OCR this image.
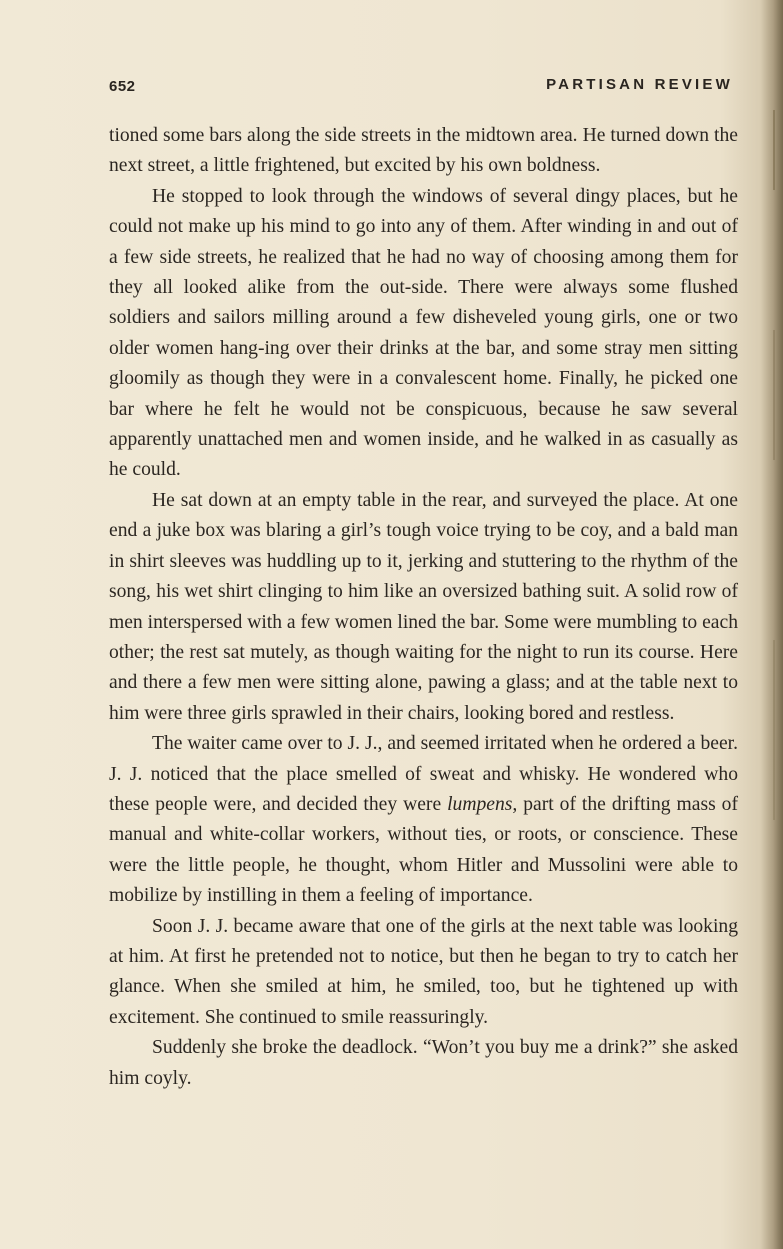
652	PARTISAN REVIEW

tioned some bars along the side streets in the midtown area. He turned down the next street, a little frightened, but excited by his own boldness.

He stopped to look through the windows of several dingy places, but he could not make up his mind to go into any of them. After winding in and out of a few side streets, he realized that he had no way of choosing among them for they all looked alike from the out-side. There were always some flushed soldiers and sailors milling around a few disheveled young girls, one or two older women hang-ing over their drinks at the bar, and some stray men sitting gloomily as though they were in a convalescent home. Finally, he picked one bar where he felt he would not be conspicuous, because he saw several apparently unattached men and women inside, and he walked in as casually as he could.

He sat down at an empty table in the rear, and surveyed the place. At one end a juke box was blaring a girl’s tough voice trying to be coy, and a bald man in shirt sleeves was huddling up to it, jerking and stuttering to the rhythm of the song, his wet shirt clinging to him like an oversized bathing suit. A solid row of men interspersed with a few women lined the bar. Some were mumbling to each other; the rest sat mutely, as though waiting for the night to run its course. Here and there a few men were sitting alone, pawing a glass; and at the table next to him were three girls sprawled in their chairs, looking bored and restless.

The waiter came over to J. J., and seemed irritated when he ordered a beer. J. J. noticed that the place smelled of sweat and whisky. He wondered who these people were, and decided they were lumpens, part of the drifting mass of manual and white-collar workers, without ties, or roots, or conscience. These were the little people, he thought, whom Hitler and Mussolini were able to mobilize by instilling in them a feeling of importance.

Soon J. J. became aware that one of the girls at the next table was looking at him. At first he pretended not to notice, but then he began to try to catch her glance. When she smiled at him, he smiled, too, but he tightened up with excitement. She continued to smile reassuringly.

Suddenly she broke the deadlock. “Won’t you buy me a drink?” she asked him coyly.
